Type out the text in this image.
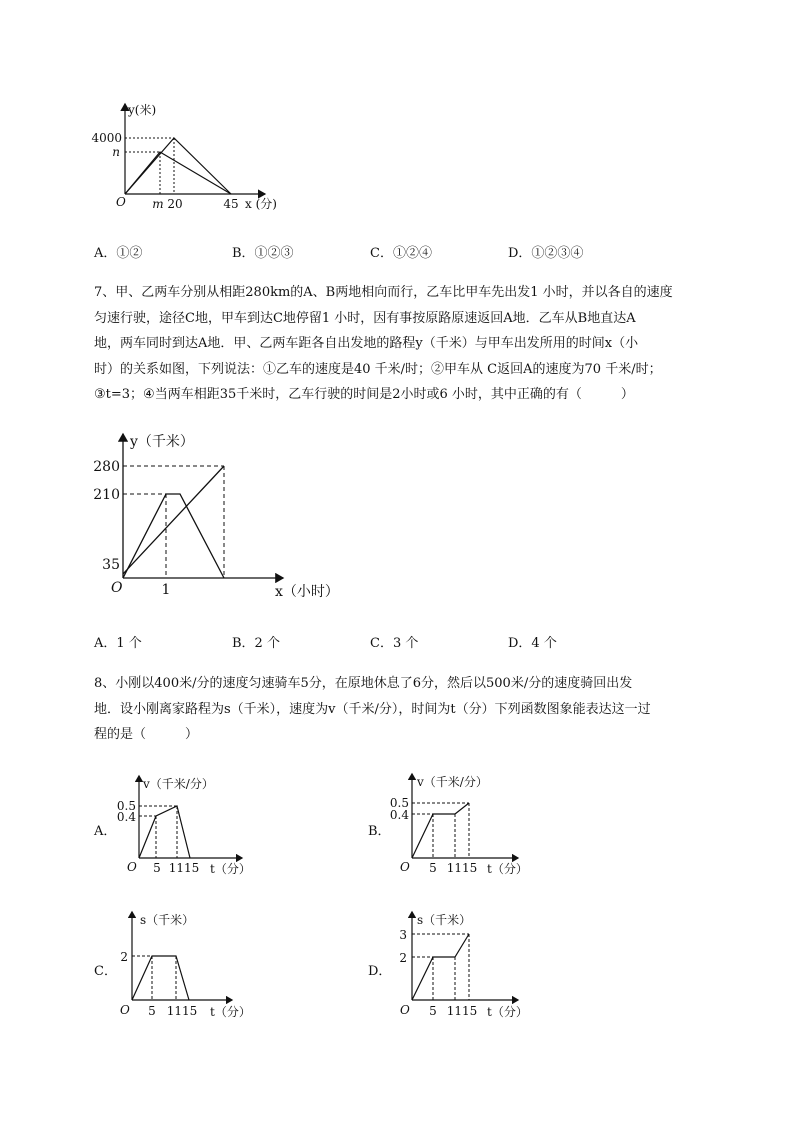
y(米)
4000
n
O m 20	45 x (分)
A．①②	B．①②③	C．①②④	D．①②③④

7、甲、乙两车分别从相距280km的A、B两地相向而行，乙车比甲车先出发1 小时，并以各自的速度

匀速行驶，途径C地，甲车到达C地停留1 小时，因有事按原路原速返回A地．乙车从B地直达A

地，两车同时到达A地．甲、乙两车距各自出发地的路程y（千米）与甲车出发所用的时间x（小

时）的关系如图，下列说法：①乙车的速度是40 千米/时；②甲车从 C返回A的速度为70 千米/时；

③t=3；④当两车相距35千米时，乙车行驶的时间是2小时或6 小时，其中正确的有（　　　）

y（千米）
280
210
35
O	1	x（小时）
A．1 个	B．2 个	C．3 个	D．4 个

8、小刚以400米/分的速度匀速骑车5分，在原地休息了6分，然后以500米/分的速度骑回出发

地．设小刚离家路程为s（千米），速度为v（千米/分），时间为t（分）下列函数图象能表达这一过

程的是（　　　）

A．
v（千米/分）
0.5
0.4
O 5 1115 t（分）
B．
v（千米/分）
0.5
0.4
O 5 1115 t（分）
C．
s（千米）
2
O 5 1115 t（分）
D．
s（千米）
3
2
O 5 1115 t（分）
